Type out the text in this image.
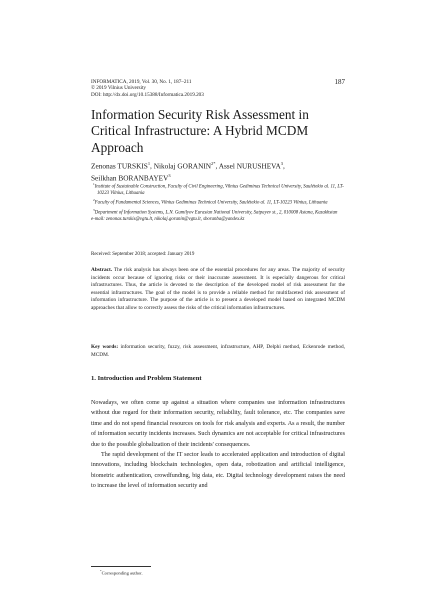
INFORMATICA, 2019, Vol. 30, No. 1, 187–211
© 2019 Vilnius University
DOI: http://dx.doi.org/10.15388/Informatica.2019.203
187
Information Security Risk Assessment in Critical Infrastructure: A Hybrid MCDM Approach
Zenonas TURSKIS$^1$, Nikolaj $GORANIN^{2*}$, Assel NURUSHEVA$^3$,
Seilkhan BORANBAYEV$^3$
$^1$Institute of Sustainable Construction, Faculty of Civil Engineering, Vilnius Gediminas Technical University, Saulėtekio al. 11, LT-10223 Vilnius, Lithuania
$^2$Faculty of Fundamental Sciences, Vilnius Gediminas Technical University, Saulėtekio al. 11, LT-10223 Vilnius, Lithuania
$^3$Department of Information Systems, L.N. Gumilyov Eurasian National University, Satpayev st., 2, 010008 Astana, Kazakhstan
e-mail: zenonas.turskis@vgtu.lt, nikolaj.goranin@vgtu.lt, sboranba@yandex.kz
Received: September 2018; accepted: January 2019
Abstract. The risk analysis has always been one of the essential procedures for any areas. The majority of security incidents occur because of ignoring risks or their inaccurate assessment. It is especially dangerous for critical infrastructures. Thus, the article is devoted to the description of the developed model of risk assessment for the essential infrastructures. The goal of the model is to provide a reliable method for multifaceted risk assessment of information infrastructure. The purpose of the article is to present a developed model based on integrated MCDM approaches that allow to correctly assess the risks of the critical information infrastructures.
Key words: information security, fuzzy, risk assessment, infrastructure, AHP, Delphi method, Eckenrode method, MCDM.
1. Introduction and Problem Statement

Nowadays, we often come up against a situation where companies use information infrastructures without due regard for their information security, reliability, fault tolerance, etc. The companies save time and do not spend financial resources on tools for risk analysis and experts. As a result, the number of information security incidents increases. Such dynamics are not acceptable for critical infrastructures due to the possible globalization of their incidents' consequences.

The rapid development of the IT sector leads to accelerated application and introduction of digital innovations, including blockchain technologies, open data, robotization and artificial intelligence, biometric authentication, crowdfunding, big data, etc. Digital technology development raises the need to increase the level of information security and

*Corresponding author.
